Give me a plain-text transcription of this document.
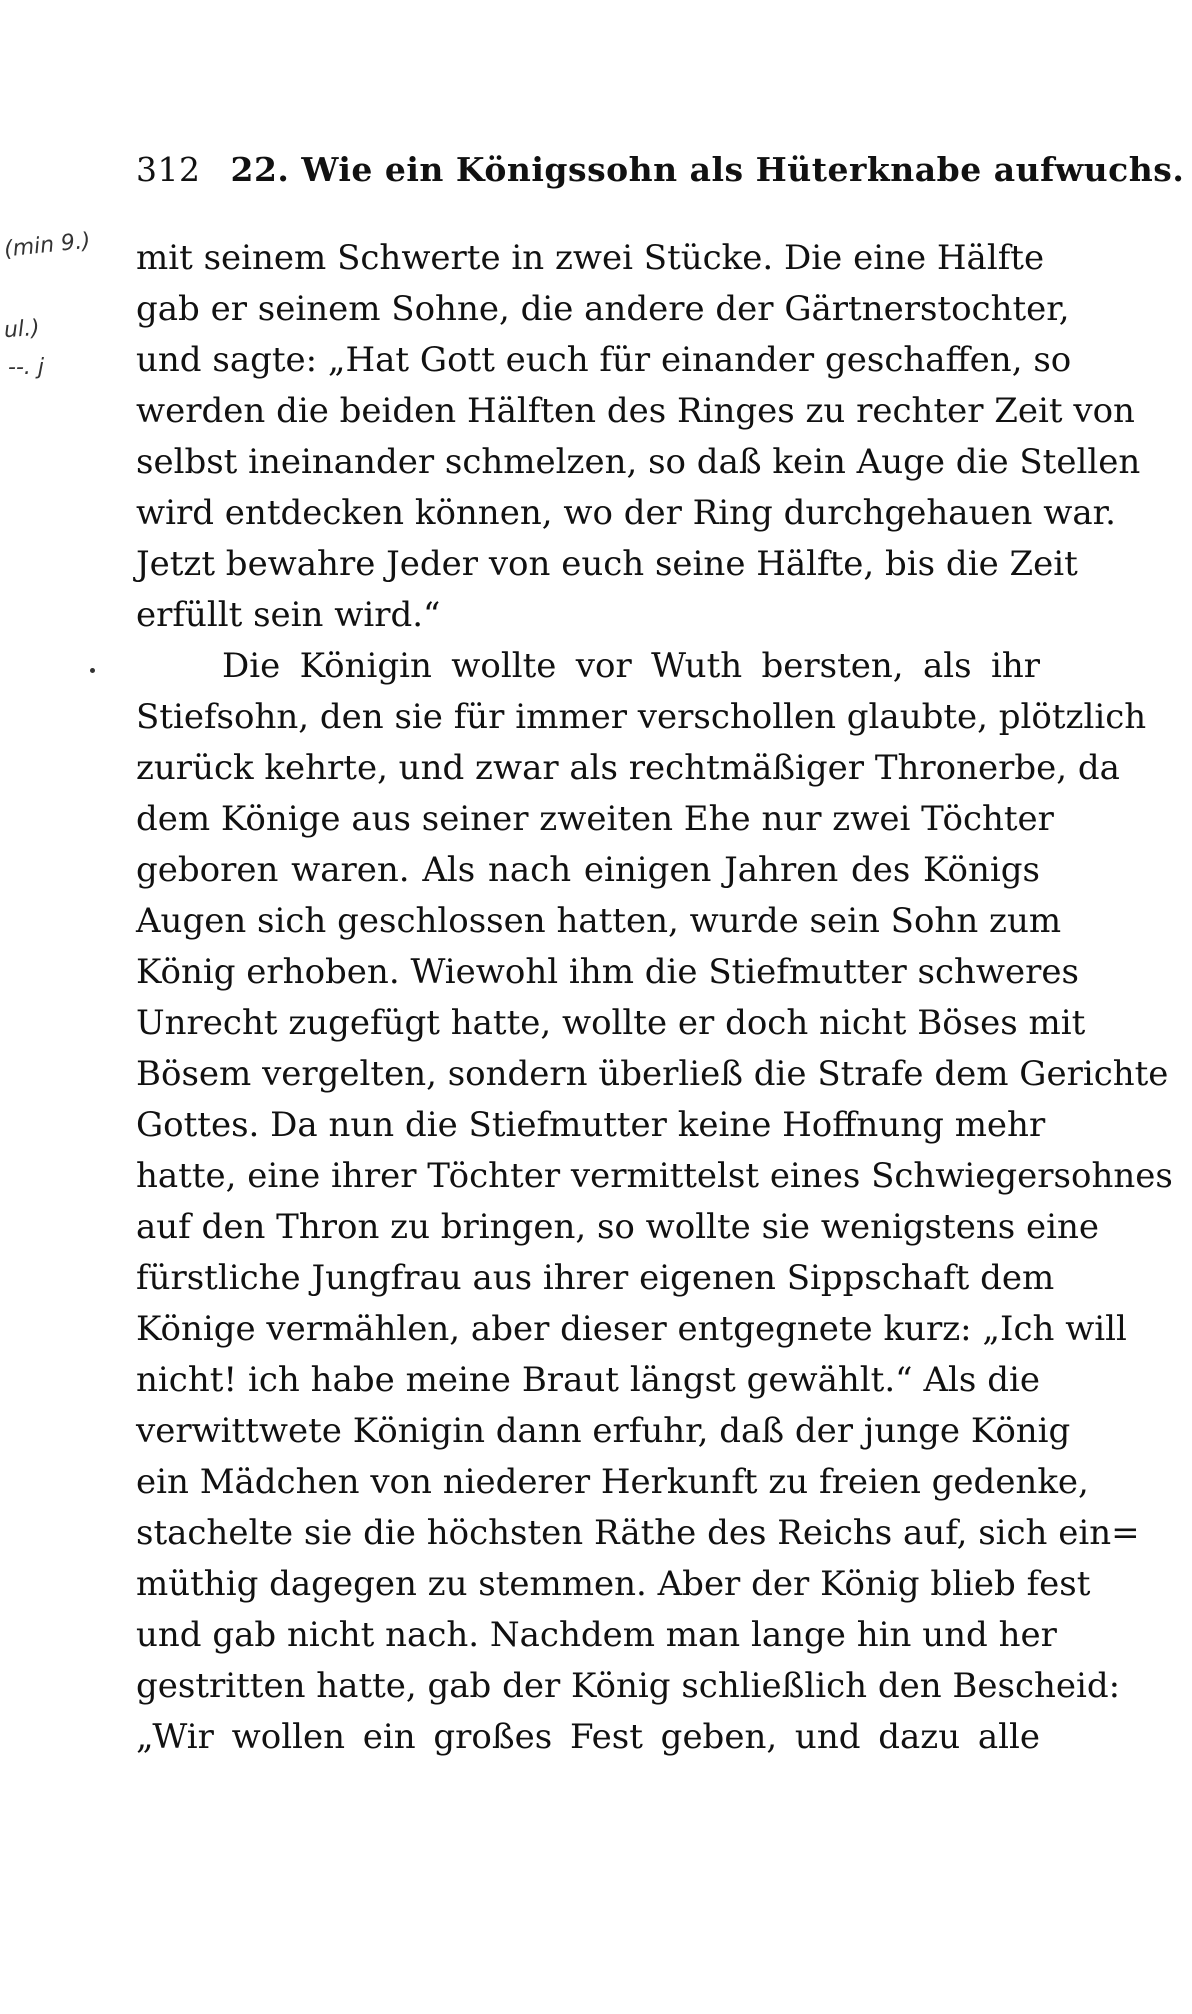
312 22. Wie ein Königssohn als Hüterknabe aufwuchs.
(min 9.)
ul.)
--. j
mit seinem Schwerte in zwei Stücke. Die eine Hälfte
gab er seinem Sohne, die andere der Gärtnerstochter,
und sagte: „Hat Gott euch für einander geschaffen, so
werden die beiden Hälften des Ringes zu rechter Zeit von
selbst ineinander schmelzen, so daß kein Auge die Stellen
wird entdecken können, wo der Ring durchgehauen war.
Jetzt bewahre Jeder von euch seine Hälfte, bis die Zeit
erfüllt sein wird.“
Die Königin wollte vor Wuth bersten, als ihr
Stiefsohn, den sie für immer verschollen glaubte, plötzlich
zurück kehrte, und zwar als rechtmäßiger Thronerbe, da
dem Könige aus seiner zweiten Ehe nur zwei Töchter
geboren waren. Als nach einigen Jahren des Königs
Augen sich geschlossen hatten, wurde sein Sohn zum
König erhoben. Wiewohl ihm die Stiefmutter schweres
Unrecht zugefügt hatte, wollte er doch nicht Böses mit
Bösem vergelten, sondern überließ die Strafe dem Gerichte
Gottes. Da nun die Stiefmutter keine Hoffnung mehr
hatte, eine ihrer Töchter vermittelst eines Schwiegersohnes
auf den Thron zu bringen, so wollte sie wenigstens eine
fürstliche Jungfrau aus ihrer eigenen Sippschaft dem
Könige vermählen, aber dieser entgegnete kurz: „Ich will
nicht! ich habe meine Braut längst gewählt.“ Als die
verwittwete Königin dann erfuhr, daß der junge König
ein Mädchen von niederer Herkunft zu freien gedenke,
stachelte sie die höchsten Räthe des Reichs auf, sich ein=
müthig dagegen zu stemmen. Aber der König blieb fest
und gab nicht nach. Nachdem man lange hin und her
gestritten hatte, gab der König schließlich den Bescheid:
„Wir wollen ein großes Fest geben, und dazu alle
